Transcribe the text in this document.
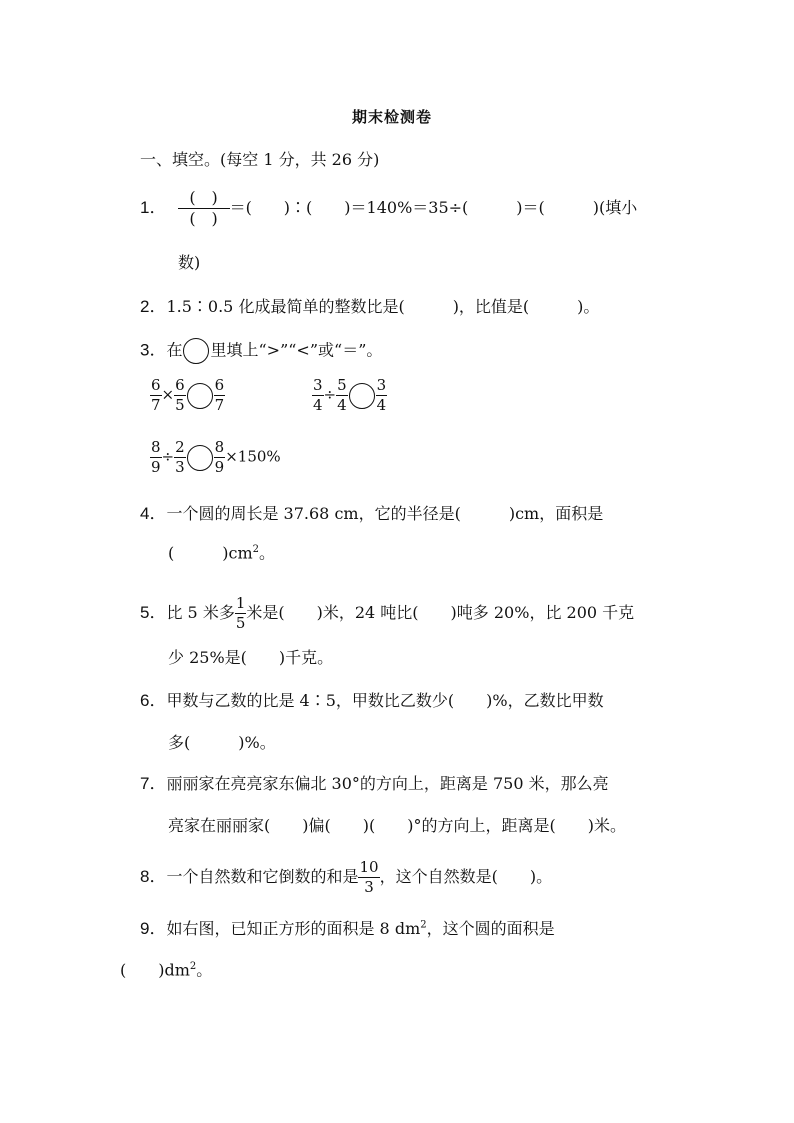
期末检测卷
一、填空。(每空 1 分，共 26 分)
1． $\frac{( )}{( )}$ ＝(　　)∶(　　)＝140%＝35÷(　　　)＝(　　　)(填小
数)
2．1.5∶0.5 化成最简单的整数比是(　　　)，比值是(　　　)。
3．在 里填上“>”“<”或“＝”。
$\frac{6}{7} \times \frac{6}{5} \frac{6}{7}$	$\frac{3}{4} \div \frac{5}{4} \frac{3}{4}$
$\frac{8}{9} \div \frac{2}{3} \frac{8}{9} \times 150\%$
4．一个圆的周长是 37.68 cm，它的半径是(　　　)cm，面积是
(　　　)$cm^2$。
5．比 5 米多 $\frac{1}{5}$ 米是(　　)米，24 吨比(　　)吨多 20%，比 200 千克
少 25%是(　　)千克。
6．甲数与乙数的比是 4∶5，甲数比乙数少(　　)%，乙数比甲数
多(　　　)%。
7．丽丽家在亮亮家东偏北 30°的方向上，距离是 750 米，那么亮
亮家在丽丽家(　　)偏(　　)(　　)°的方向上，距离是(　　)米。
8．一个自然数和它倒数的和是 $\frac{10}{3}$ ，这个自然数是(　　)。
9．如右图，已知正方形的面积是 8 $dm^2$，这个圆的面积是
(　　)$dm^2$。
